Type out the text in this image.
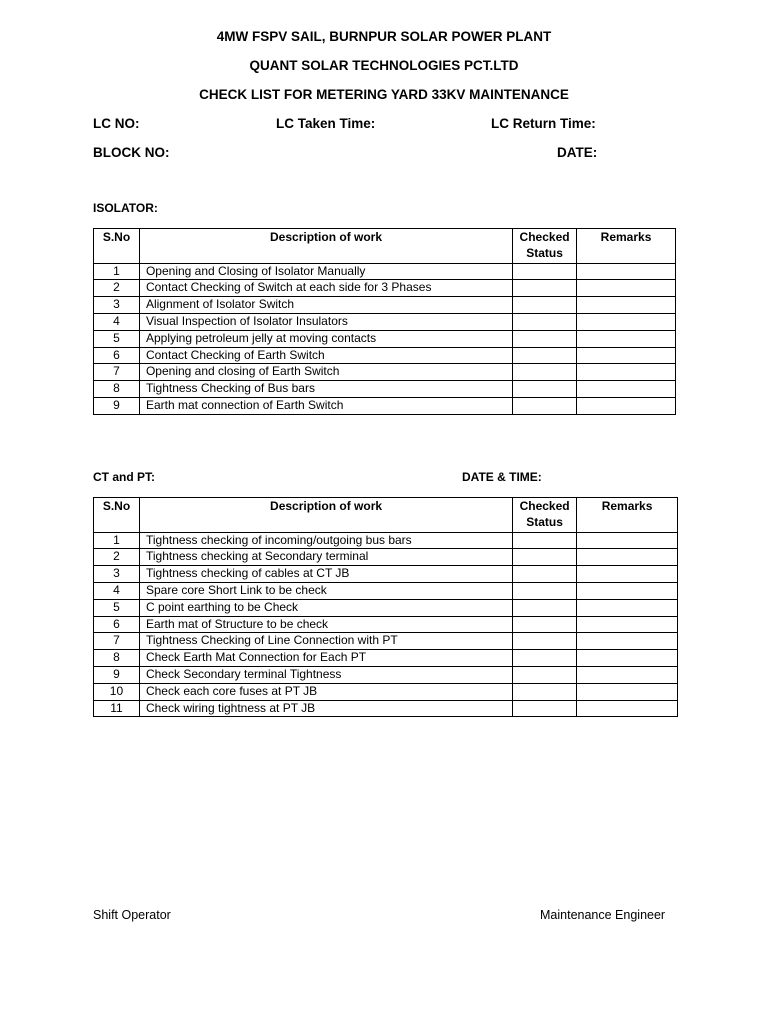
4MW FSPV SAIL, BURNPUR SOLAR POWER PLANT
QUANT SOLAR TECHNOLOGIES PCT.LTD
CHECK LIST FOR METERING YARD 33KV MAINTENANCE
LC NO:	LC Taken Time:	LC Return Time:
BLOCK NO:	DATE:
ISOLATOR:
S.No	Description of work	Checked Status	Remarks
1	Opening and Closing of Isolator Manually		
2	Contact Checking of Switch at each side for 3 Phases		
3	Alignment of Isolator Switch		
4	Visual Inspection of Isolator Insulators		
5	Applying petroleum jelly at moving contacts		
6	Contact Checking of Earth Switch		
7	Opening and closing of Earth Switch		
8	Tightness Checking of Bus bars		
9	Earth mat connection of Earth Switch		
CT and PT:	DATE & TIME:
S.No	Description of work	Checked Status	Remarks
1	Tightness checking of incoming/outgoing bus bars		
2	Tightness checking at Secondary terminal		
3	Tightness checking of cables at CT JB		
4	Spare core Short Link to be check		
5	C point earthing to be Check		
6	Earth mat of Structure to be check		
7	Tightness Checking of Line Connection with PT		
8	Check Earth Mat Connection for Each PT		
9	Check Secondary terminal Tightness		
10	Check each core fuses at PT JB		
11	Check wiring tightness at PT JB		
Shift Operator	Maintenance Engineer
